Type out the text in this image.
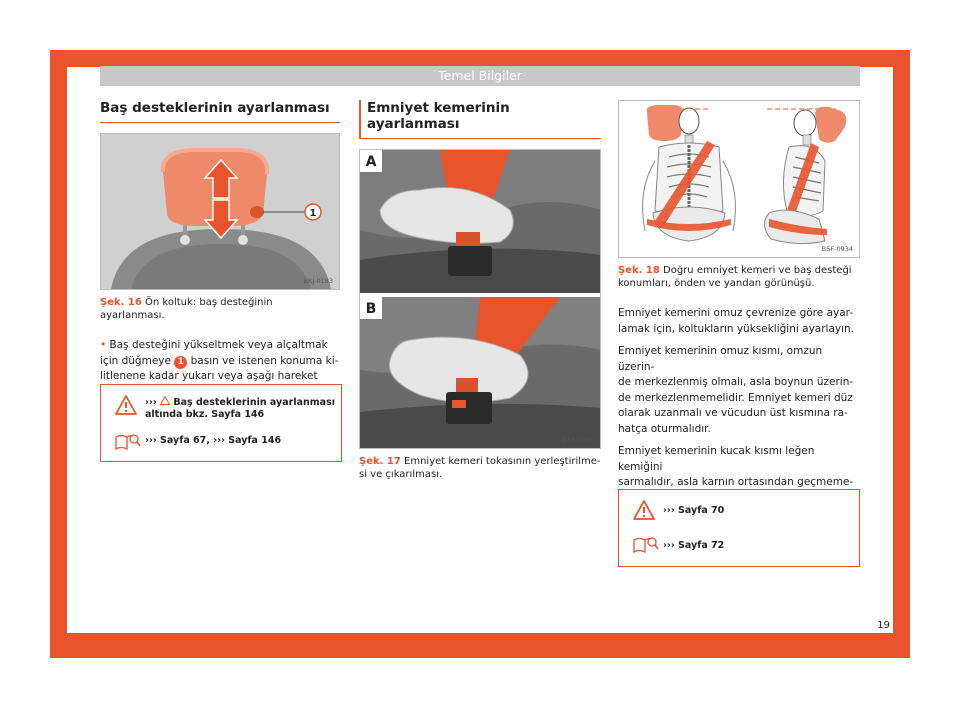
Temel Bilgiler
Baş desteklerinin ayarlanması
1
BKJ-0183
Şek. 16 Ön koltuk: baş desteğinin ayarlanması.

• Baş desteğini yükseltmek veya alçaltmak
için düğmeye 1 basın ve istenen konuma ki-
litlenene kadar yukarı veya aşağı hareket

››› Baş desteklerinin ayarlanması
altında bkz. Sayfa 146
››› Sayfa 67, ››› Sayfa 146
Emniyet kemerinin ayarlanması
A
B
B5F-1056
Şek. 17 Emniyet kemeri tokasının yerleştirilme-
si ve çıkarılması.
B5F-0934
Şek. 18 Doğru emniyet kemeri ve baş desteği
konumları, önden ve yandan görünüşü.

Emniyet kemerini omuz çevrenize göre ayar-
lamak için, koltukların yüksekliğini ayarlayın.

Emniyet kemerinin omuz kısmı, omzun üzerin-
de merkezlenmiş olmalı, asla boynun üzerin-
de merkezlenmemelidir. Emniyet kemeri düz
olarak uzanmalı ve vücudun üst kısmına ra-
hatça oturmalıdır.

Emniyet kemerinin kucak kısmı leğen kemiğini
sarmalıdır, asla karnın ortasından geçmeme-

››› Sayfa 70
››› Sayfa 72
19
